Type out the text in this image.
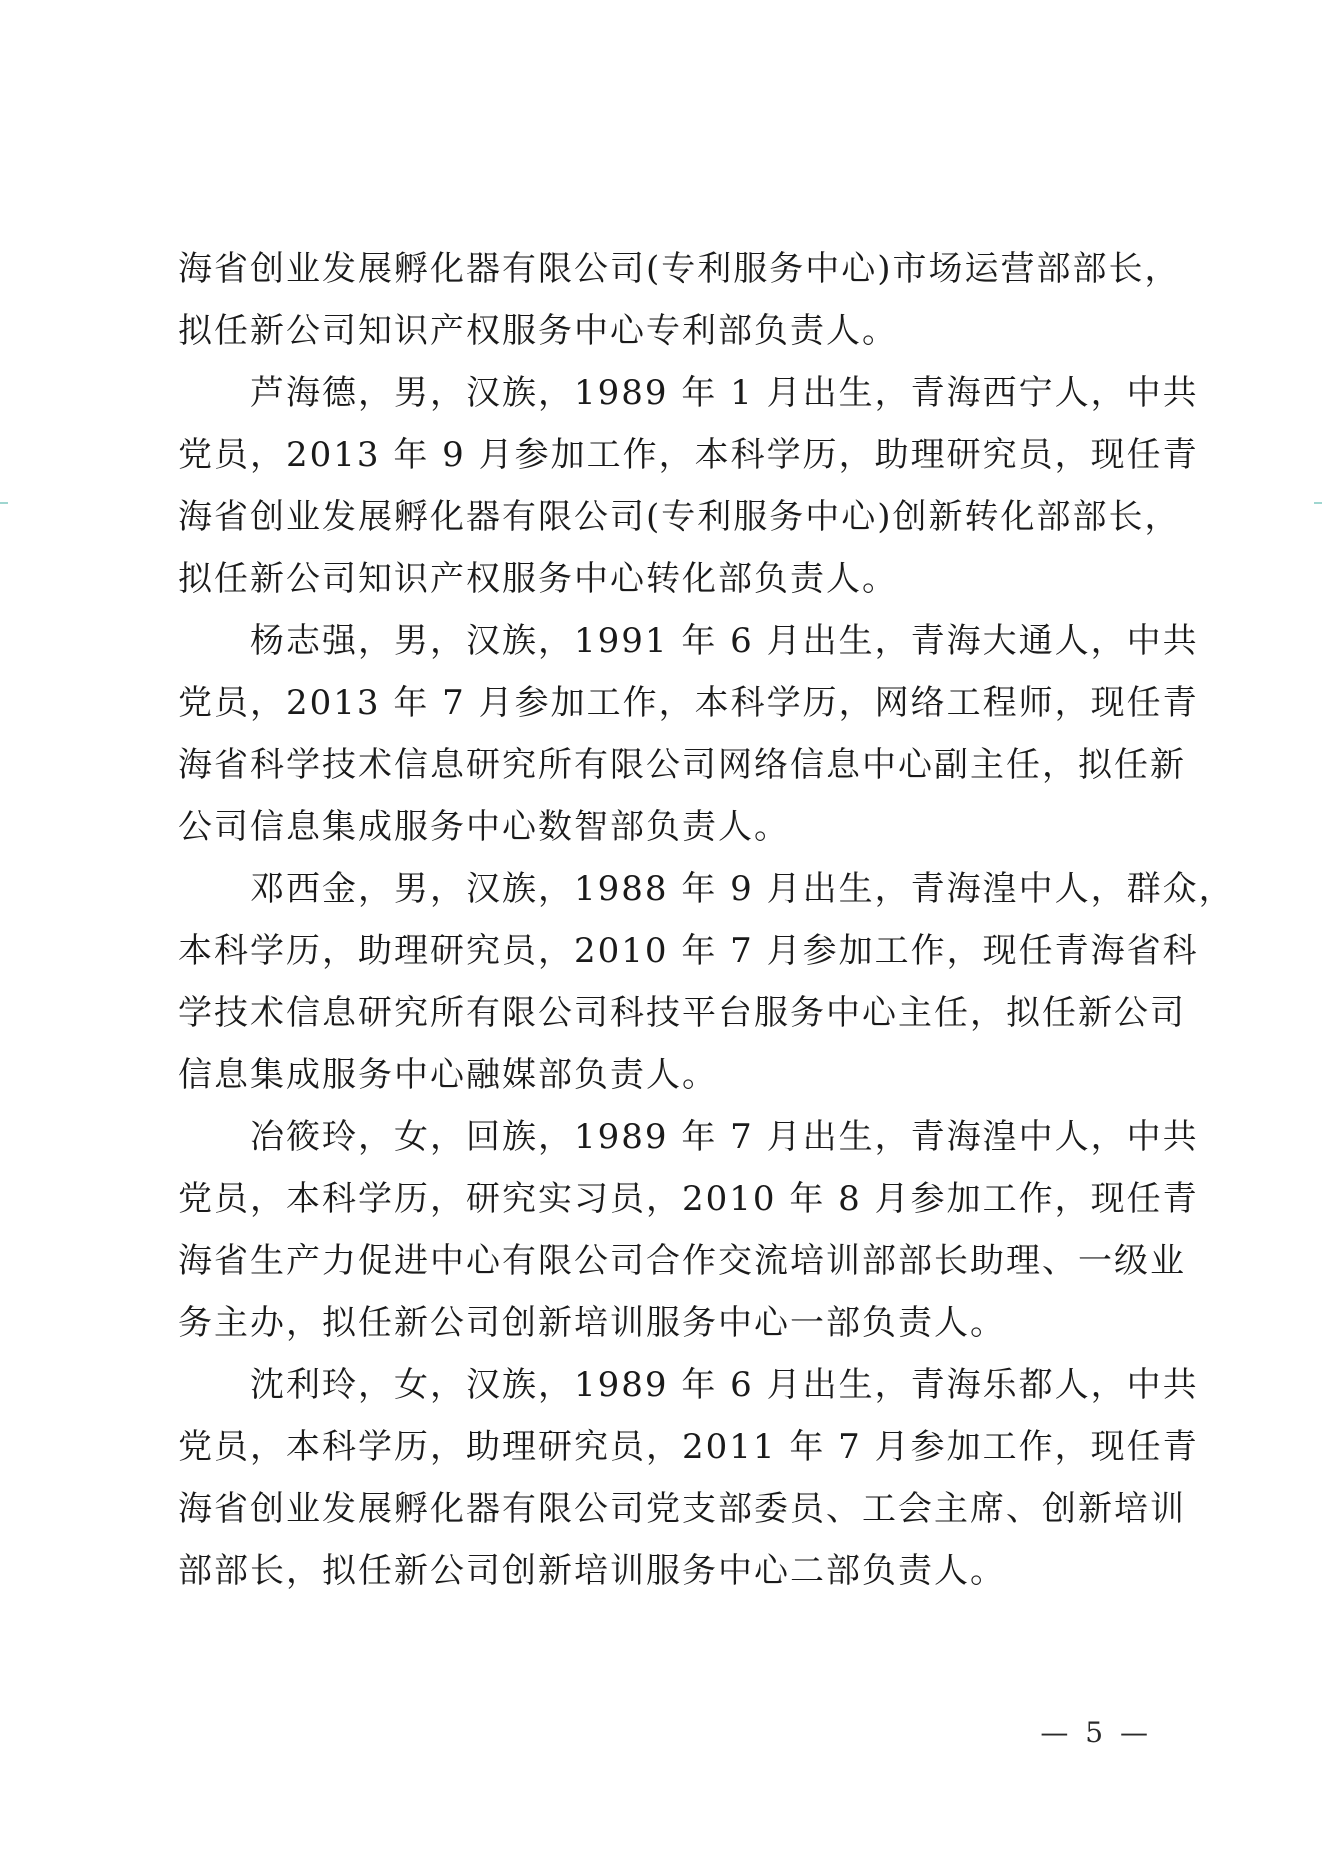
海省创业发展孵化器有限公司(专利服务中心)市场运营部部长，
拟任新公司知识产权服务中心专利部负责人。
芦海德，男，汉族，1989 年 1 月出生，青海西宁人，中共
党员，2013 年 9 月参加工作，本科学历，助理研究员，现任青
海省创业发展孵化器有限公司(专利服务中心)创新转化部部长，
拟任新公司知识产权服务中心转化部负责人。
杨志强，男，汉族，1991 年 6 月出生，青海大通人，中共
党员，2013 年 7 月参加工作，本科学历，网络工程师，现任青
海省科学技术信息研究所有限公司网络信息中心副主任，拟任新
公司信息集成服务中心数智部负责人。
邓西金，男，汉族，1988 年 9 月出生，青海湟中人，群众，
本科学历，助理研究员，2010 年 7 月参加工作，现任青海省科
学技术信息研究所有限公司科技平台服务中心主任，拟任新公司
信息集成服务中心融媒部负责人。
冶筱玲，女，回族，1989 年 7 月出生，青海湟中人，中共
党员，本科学历，研究实习员，2010 年 8 月参加工作，现任青
海省生产力促进中心有限公司合作交流培训部部长助理、一级业
务主办，拟任新公司创新培训服务中心一部负责人。
沈利玲，女，汉族，1989 年 6 月出生，青海乐都人，中共
党员，本科学历，助理研究员，2011 年 7 月参加工作，现任青
海省创业发展孵化器有限公司党支部委员、工会主席、创新培训
部部长，拟任新公司创新培训服务中心二部负责人。
— 5 —
